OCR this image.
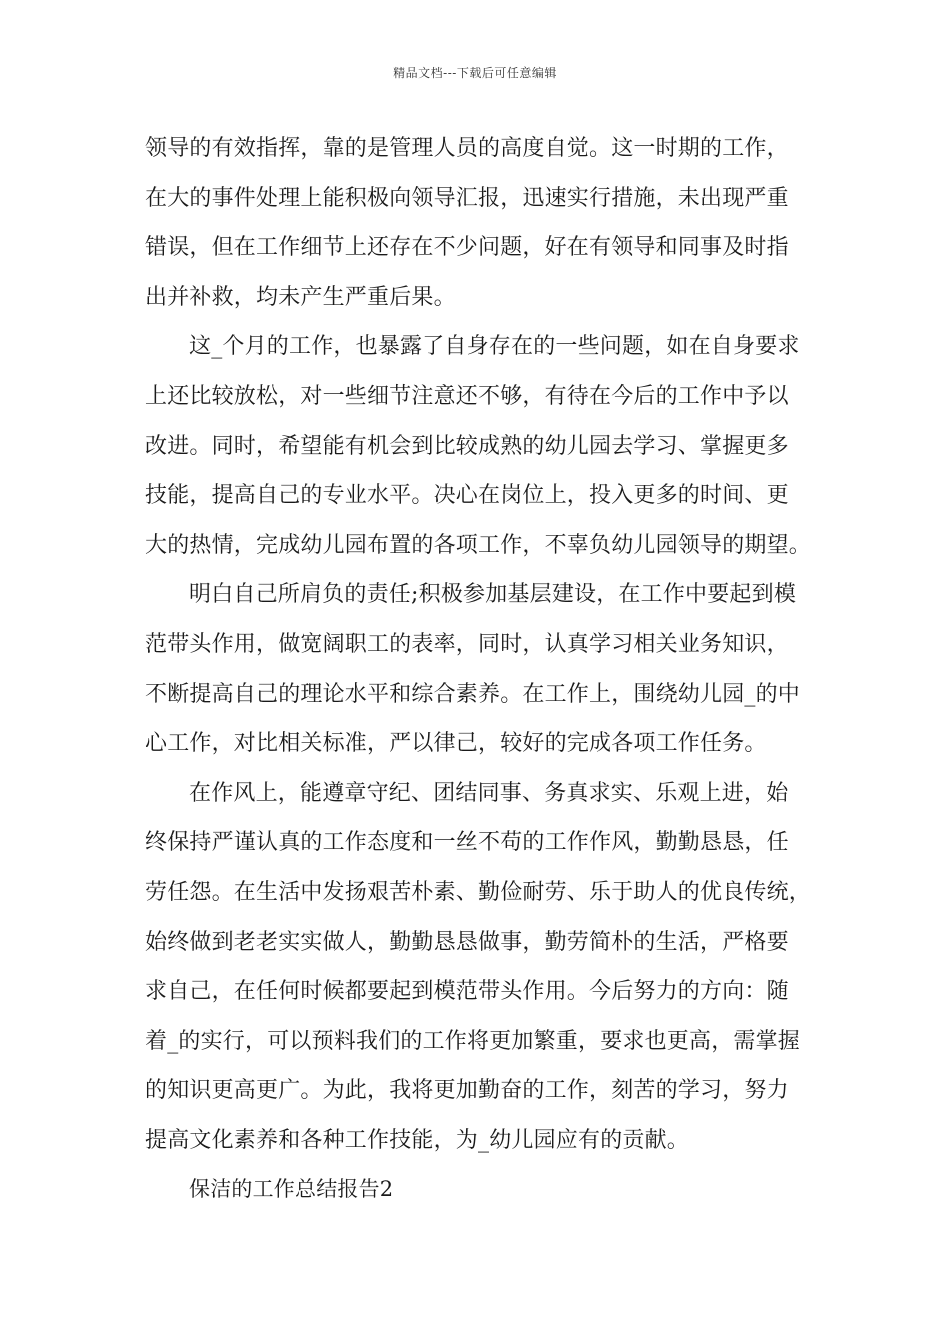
精品文档---下载后可任意编辑
领导的有效指挥，靠的是管理人员的高度自觉。这一时期的工作，
在大的事件处理上能积极向领导汇报，迅速实行措施，未出现严重
错误，但在工作细节上还存在不少问题，好在有领导和同事及时指
出并补救，均未产生严重后果。
这_个月的工作，也暴露了自身存在的一些问题，如在自身要求
上还比较放松，对一些细节注意还不够，有待在今后的工作中予以
改进。同时，希望能有机会到比较成熟的幼儿园去学习、掌握更多
技能，提高自己的专业水平。决心在岗位上，投入更多的时间、更
大的热情，完成幼儿园布置的各项工作，不辜负幼儿园领导的期望。
明白自己所肩负的责任;积极参加基层建设，在工作中要起到模
范带头作用，做宽阔职工的表率，同时，认真学习相关业务知识，
不断提高自己的理论水平和综合素养。在工作上，围绕幼儿园_的中
心工作，对比相关标准，严以律己，较好的完成各项工作任务。
在作风上，能遵章守纪、团结同事、务真求实、乐观上进，始
终保持严谨认真的工作态度和一丝不苟的工作作风，勤勤恳恳，任
劳任怨。在生活中发扬艰苦朴素、勤俭耐劳、乐于助人的优良传统，
始终做到老老实实做人，勤勤恳恳做事，勤劳简朴的生活，严格要
求自己，在任何时候都要起到模范带头作用。今后努力的方向：随
着_的实行，可以预料我们的工作将更加繁重，要求也更高，需掌握
的知识更高更广。为此，我将更加勤奋的工作，刻苦的学习，努力
提高文化素养和各种工作技能，为_幼儿园应有的贡献。
保洁的工作总结报告2
